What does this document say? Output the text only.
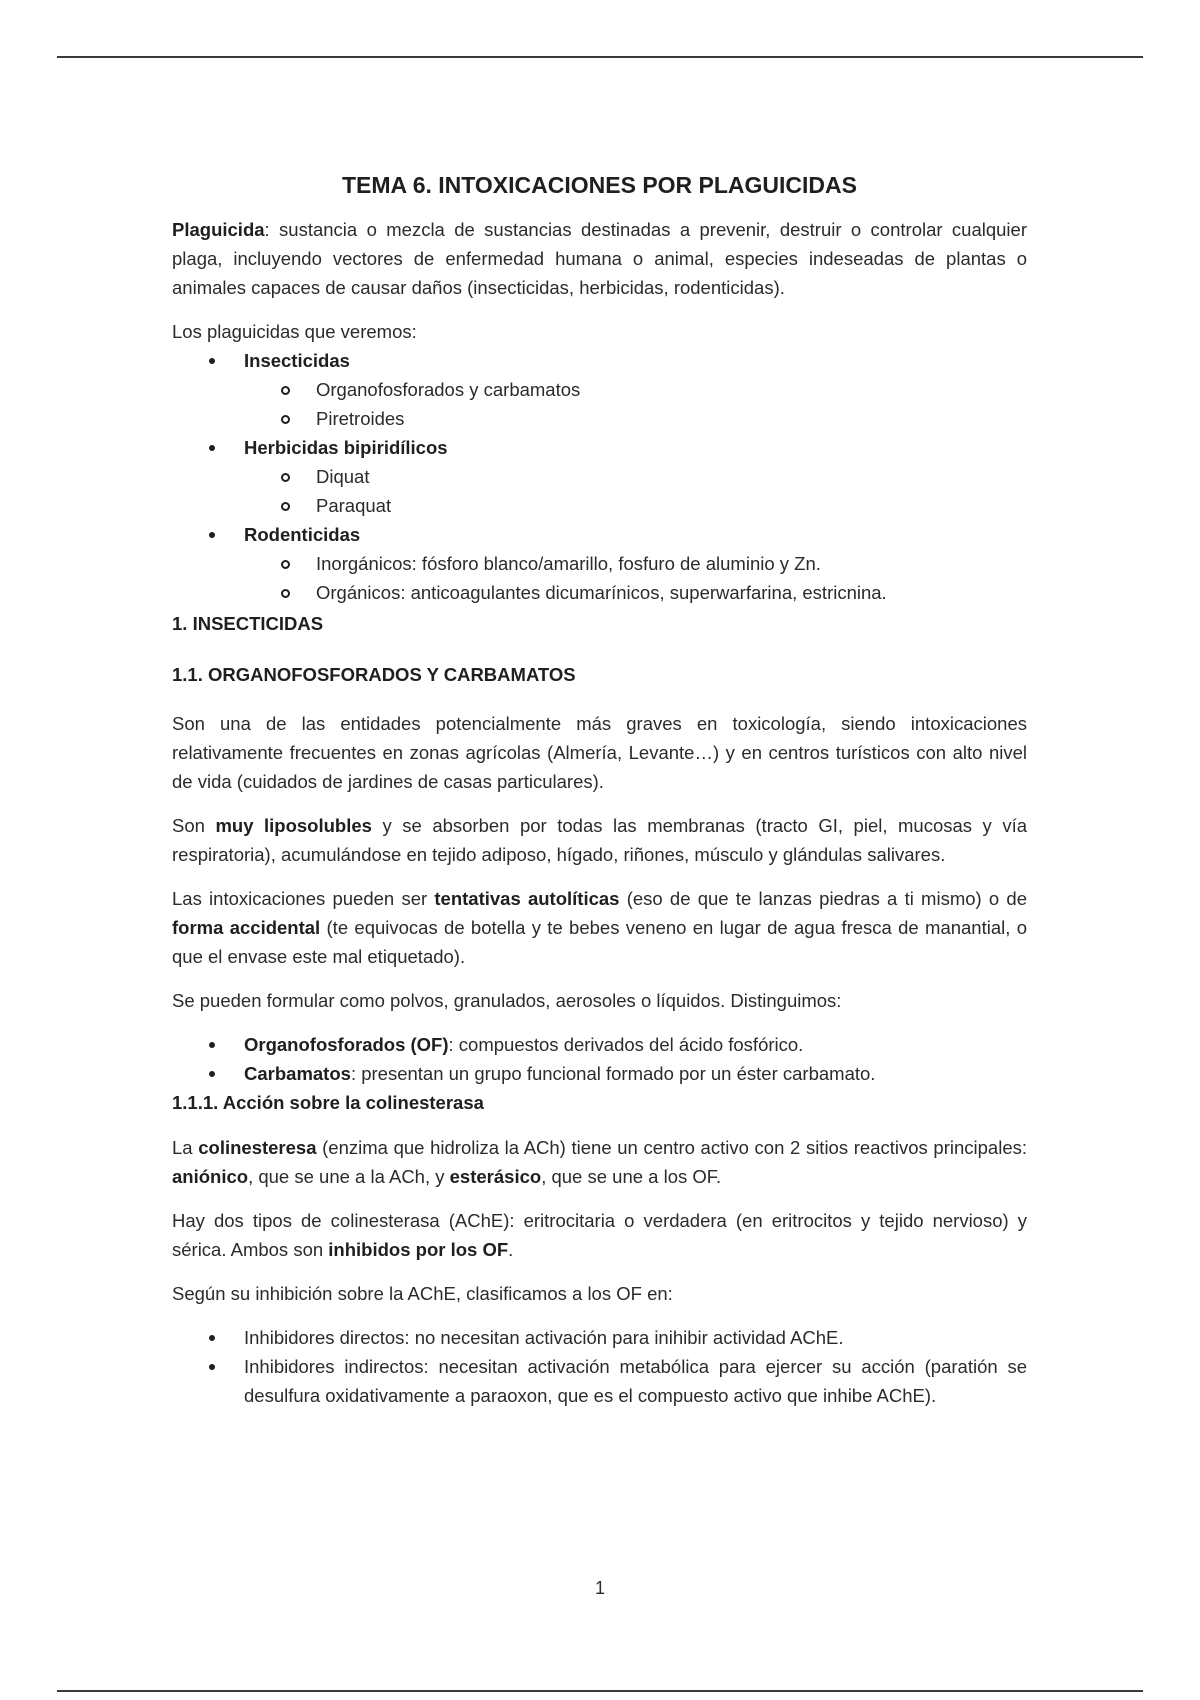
TEMA 6. INTOXICACIONES POR PLAGUICIDAS

Plaguicida: sustancia o mezcla de sustancias destinadas a prevenir, destruir o controlar cualquier plaga, incluyendo vectores de enfermedad humana o animal, especies indeseadas de plantas o animales capaces de causar daños (insecticidas, herbicidas, rodenticidas).

Los plaguicidas que veremos:

Insecticidas
Organofosforados y carbamatos
Piretroides
Herbicidas bipiridílicos
Diquat
Paraquat
Rodenticidas
Inorgánicos: fósforo blanco/amarillo, fosfuro de aluminio y Zn.
Orgánicos: anticoagulantes dicumarínicos, superwarfarina, estricnina.
1. INSECTICIDAS
1.1. ORGANOFOSFORADOS Y CARBAMATOS

Son una de las entidades potencialmente más graves en toxicología, siendo intoxicaciones relativamente frecuentes en zonas agrícolas (Almería, Levante…) y en centros turísticos con alto nivel de vida (cuidados de jardines de casas particulares).

Son muy liposolubles y se absorben por todas las membranas (tracto GI, piel, mucosas y vía respiratoria), acumulándose en tejido adiposo, hígado, riñones, músculo y glándulas salivares.

Las intoxicaciones pueden ser tentativas autolíticas (eso de que te lanzas piedras a ti mismo) o de forma accidental (te equivocas de botella y te bebes veneno en lugar de agua fresca de manantial, o que el envase este mal etiquetado).

Se pueden formular como polvos, granulados, aerosoles o líquidos. Distinguimos:

Organofosforados (OF): compuestos derivados del ácido fosfórico.
Carbamatos: presentan un grupo funcional formado por un éster carbamato.
1.1.1. Acción sobre la colinesterasa

La colinesteresa (enzima que hidroliza la ACh) tiene un centro activo con 2 sitios reactivos principales: aniónico, que se une a la ACh, y esterásico, que se une a los OF.

Hay dos tipos de colinesterasa (AChE): eritrocitaria o verdadera (en eritrocitos y tejido nervioso) y sérica. Ambos son inhibidos por los OF.

Según su inhibición sobre la AChE, clasificamos a los OF en:

Inhibidores directos: no necesitan activación para inihibir actividad AChE.
Inhibidores indirectos: necesitan activación metabólica para ejercer su acción (paratión se desulfura oxidativamente a paraoxon, que es el compuesto activo que inhibe AChE).
1
